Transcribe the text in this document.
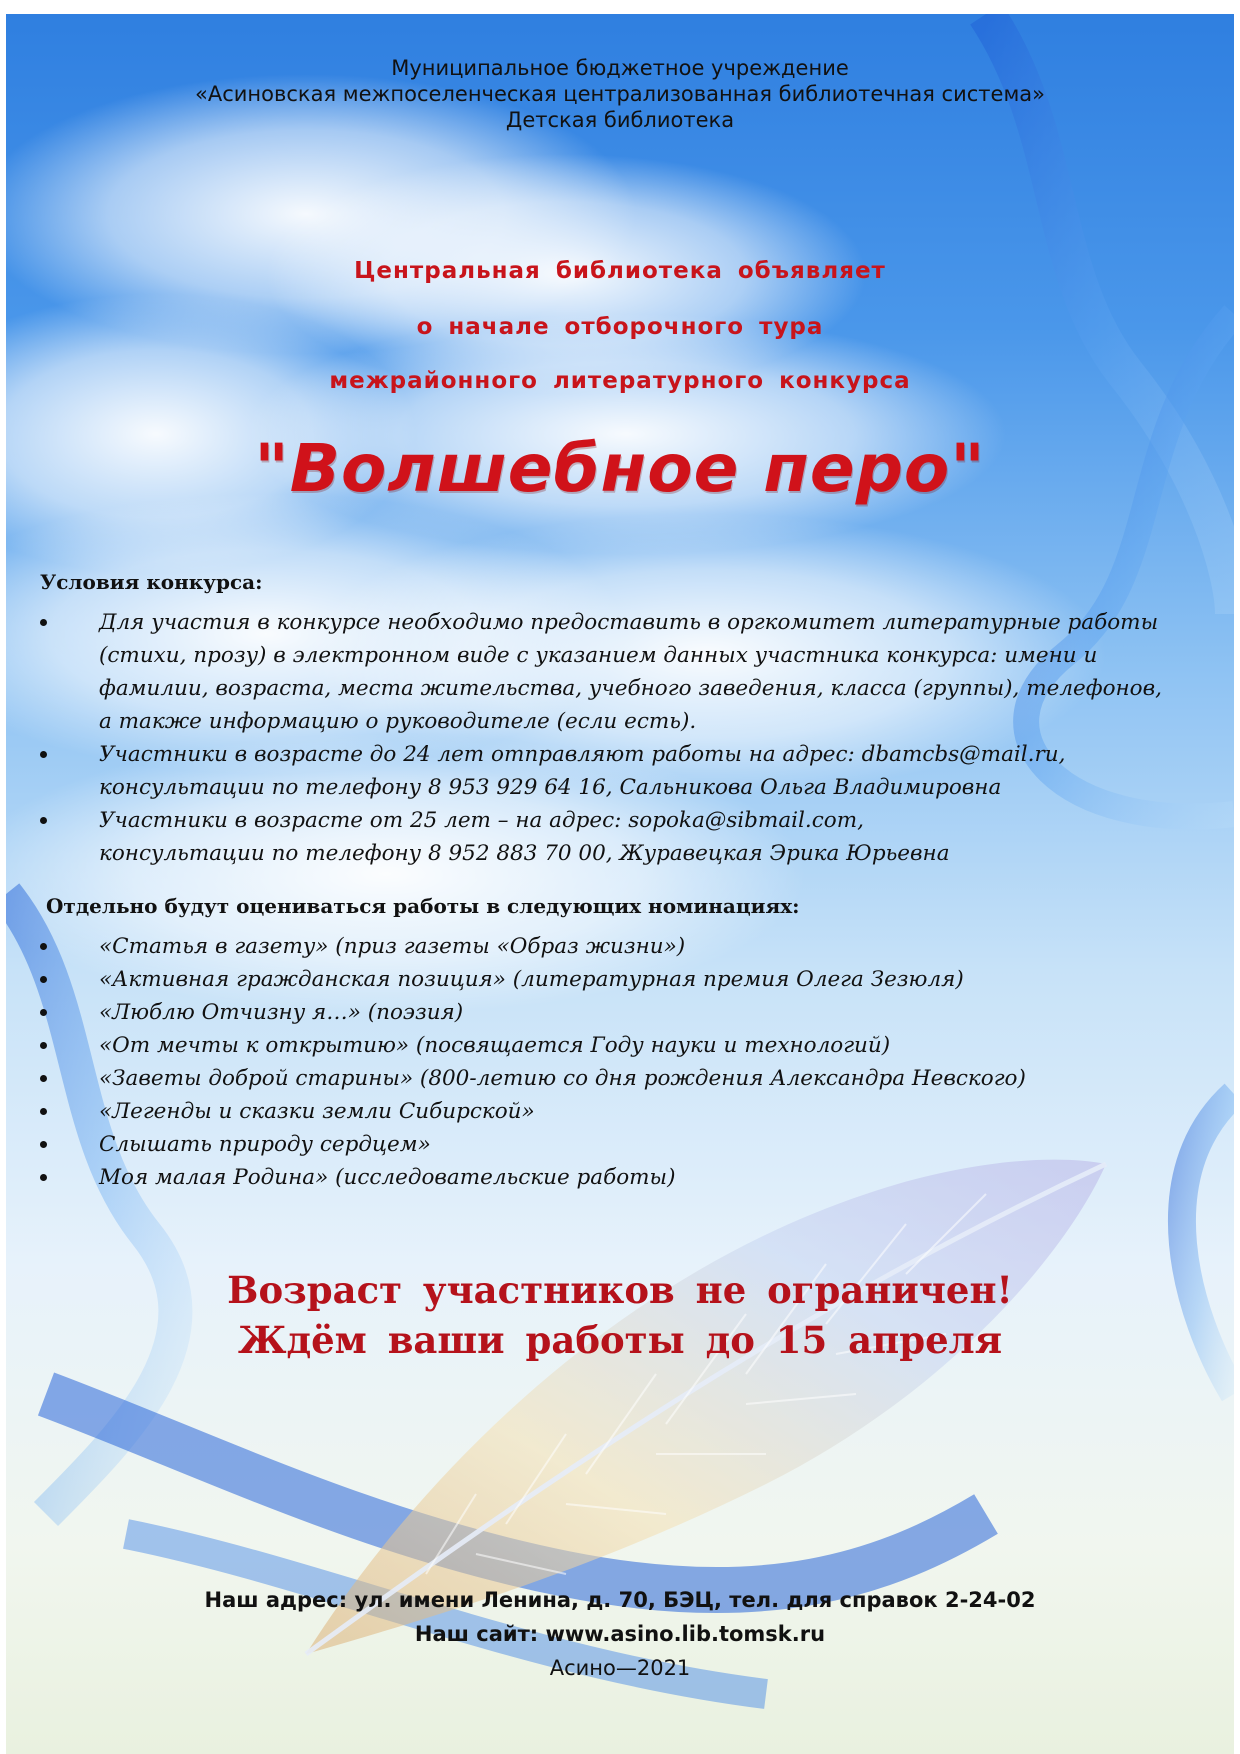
Муниципальное бюджетное учреждение
«Асиновская межпоселенческая централизованная библиотечная система»
Детская библиотека
Центральная библиотека объявляет
о начале отборочного тура
межрайонного литературного конкурса
"Волшебное перо"
Условия конкурса:
Для участия в конкурсе необходимо предоставить в оргкомитет литературные работы
(стихи, прозу) в электронном виде с указанием данных участника конкурса: имени и
фамилии, возраста, места жительства, учебного заведения, класса (группы), телефонов,
а также информацию о руководителе (если есть).
Участники в возрасте до 24 лет отправляют работы на адрес: dbamcbs@mail.ru,
консультации по телефону 8 953 929 64 16, Сальникова Ольга Владимировна
Участники в возрасте от 25 лет – на адрес: sopoka@sibmail.com,
консультации по телефону 8 952 883 70 00, Журавецкая Эрика Юрьевна
Отдельно будут оцениваться работы в следующих номинациях:
«Статья в газету» (приз газеты «Образ жизни»)
«Активная гражданская позиция» (литературная премия Олега Зезюля)
«Люблю Отчизну я…» (поэзия)
«От мечты к открытию» (посвящается Году науки и технологий)
«Заветы доброй старины» (800-летию со дня рождения Александра Невского)
«Легенды и сказки земли Сибирской»
Слышать природу сердцем»
Моя малая Родина» (исследовательские работы)
Возраст участников не ограничен!
Ждём ваши работы до 15 апреля
Наш адрес: ул. имени Ленина, д. 70, БЭЦ, тел. для справок 2-24-02
Наш сайт: www.asino.lib.tomsk.ru
Асино—2021
